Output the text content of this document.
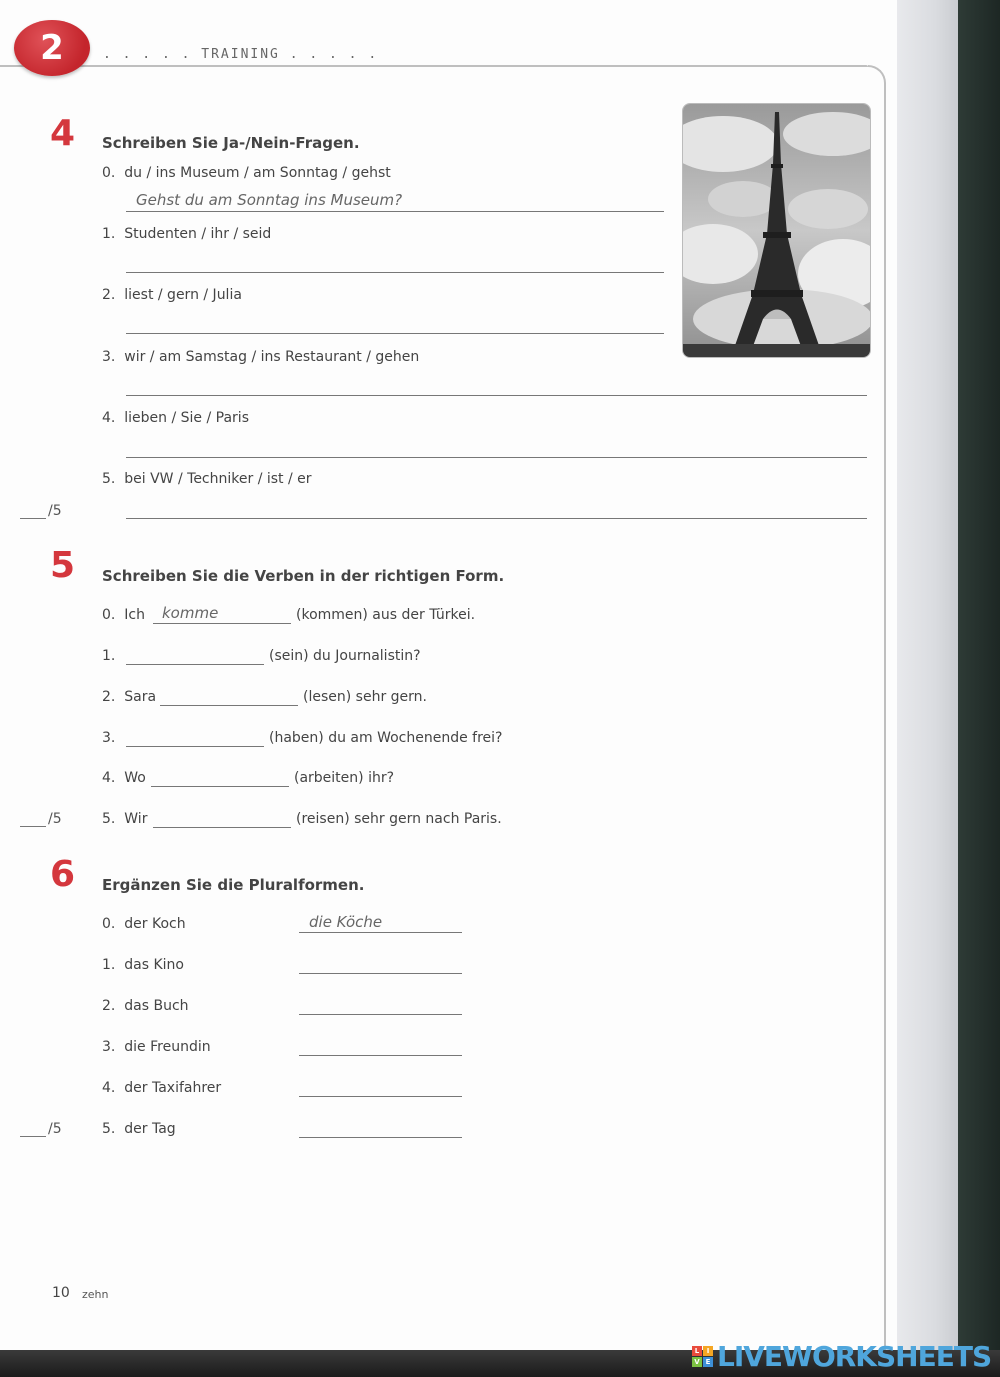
2	. . . . . TRAINING . . . . .
4 Schreiben Sie Ja-/Nein-Fragen.
0. du / ins Museum / am Sonntag / gehst
Gehst du am Sonntag ins Museum?
1. Studenten / ihr / seid
2. liest / gern / Julia
3. wir / am Samstag / ins Restaurant / gehen
4. lieben / Sie / Paris
5. bei VW / Techniker / ist / er
/5
5 Schreiben Sie die Verben in der richtigen Form.
0. Ich komme	(kommen) aus der Türkei.
1.	(sein) du Journalistin?
2. Sara	(lesen) sehr gern.
3.	(haben) du am Wochenende frei?
4. Wo	(arbeiten) ihr?
5. Wir	(reisen) sehr gern nach Paris.
/5
6 Ergänzen Sie die Pluralformen.
0. der Koch	die Köche
1. das Kino
2. das Buch
3. die Freundin
4. der Taxifahrer
5. der Tag
/5
10 zehn
L	I
V E LIVEWORKSHEETS
